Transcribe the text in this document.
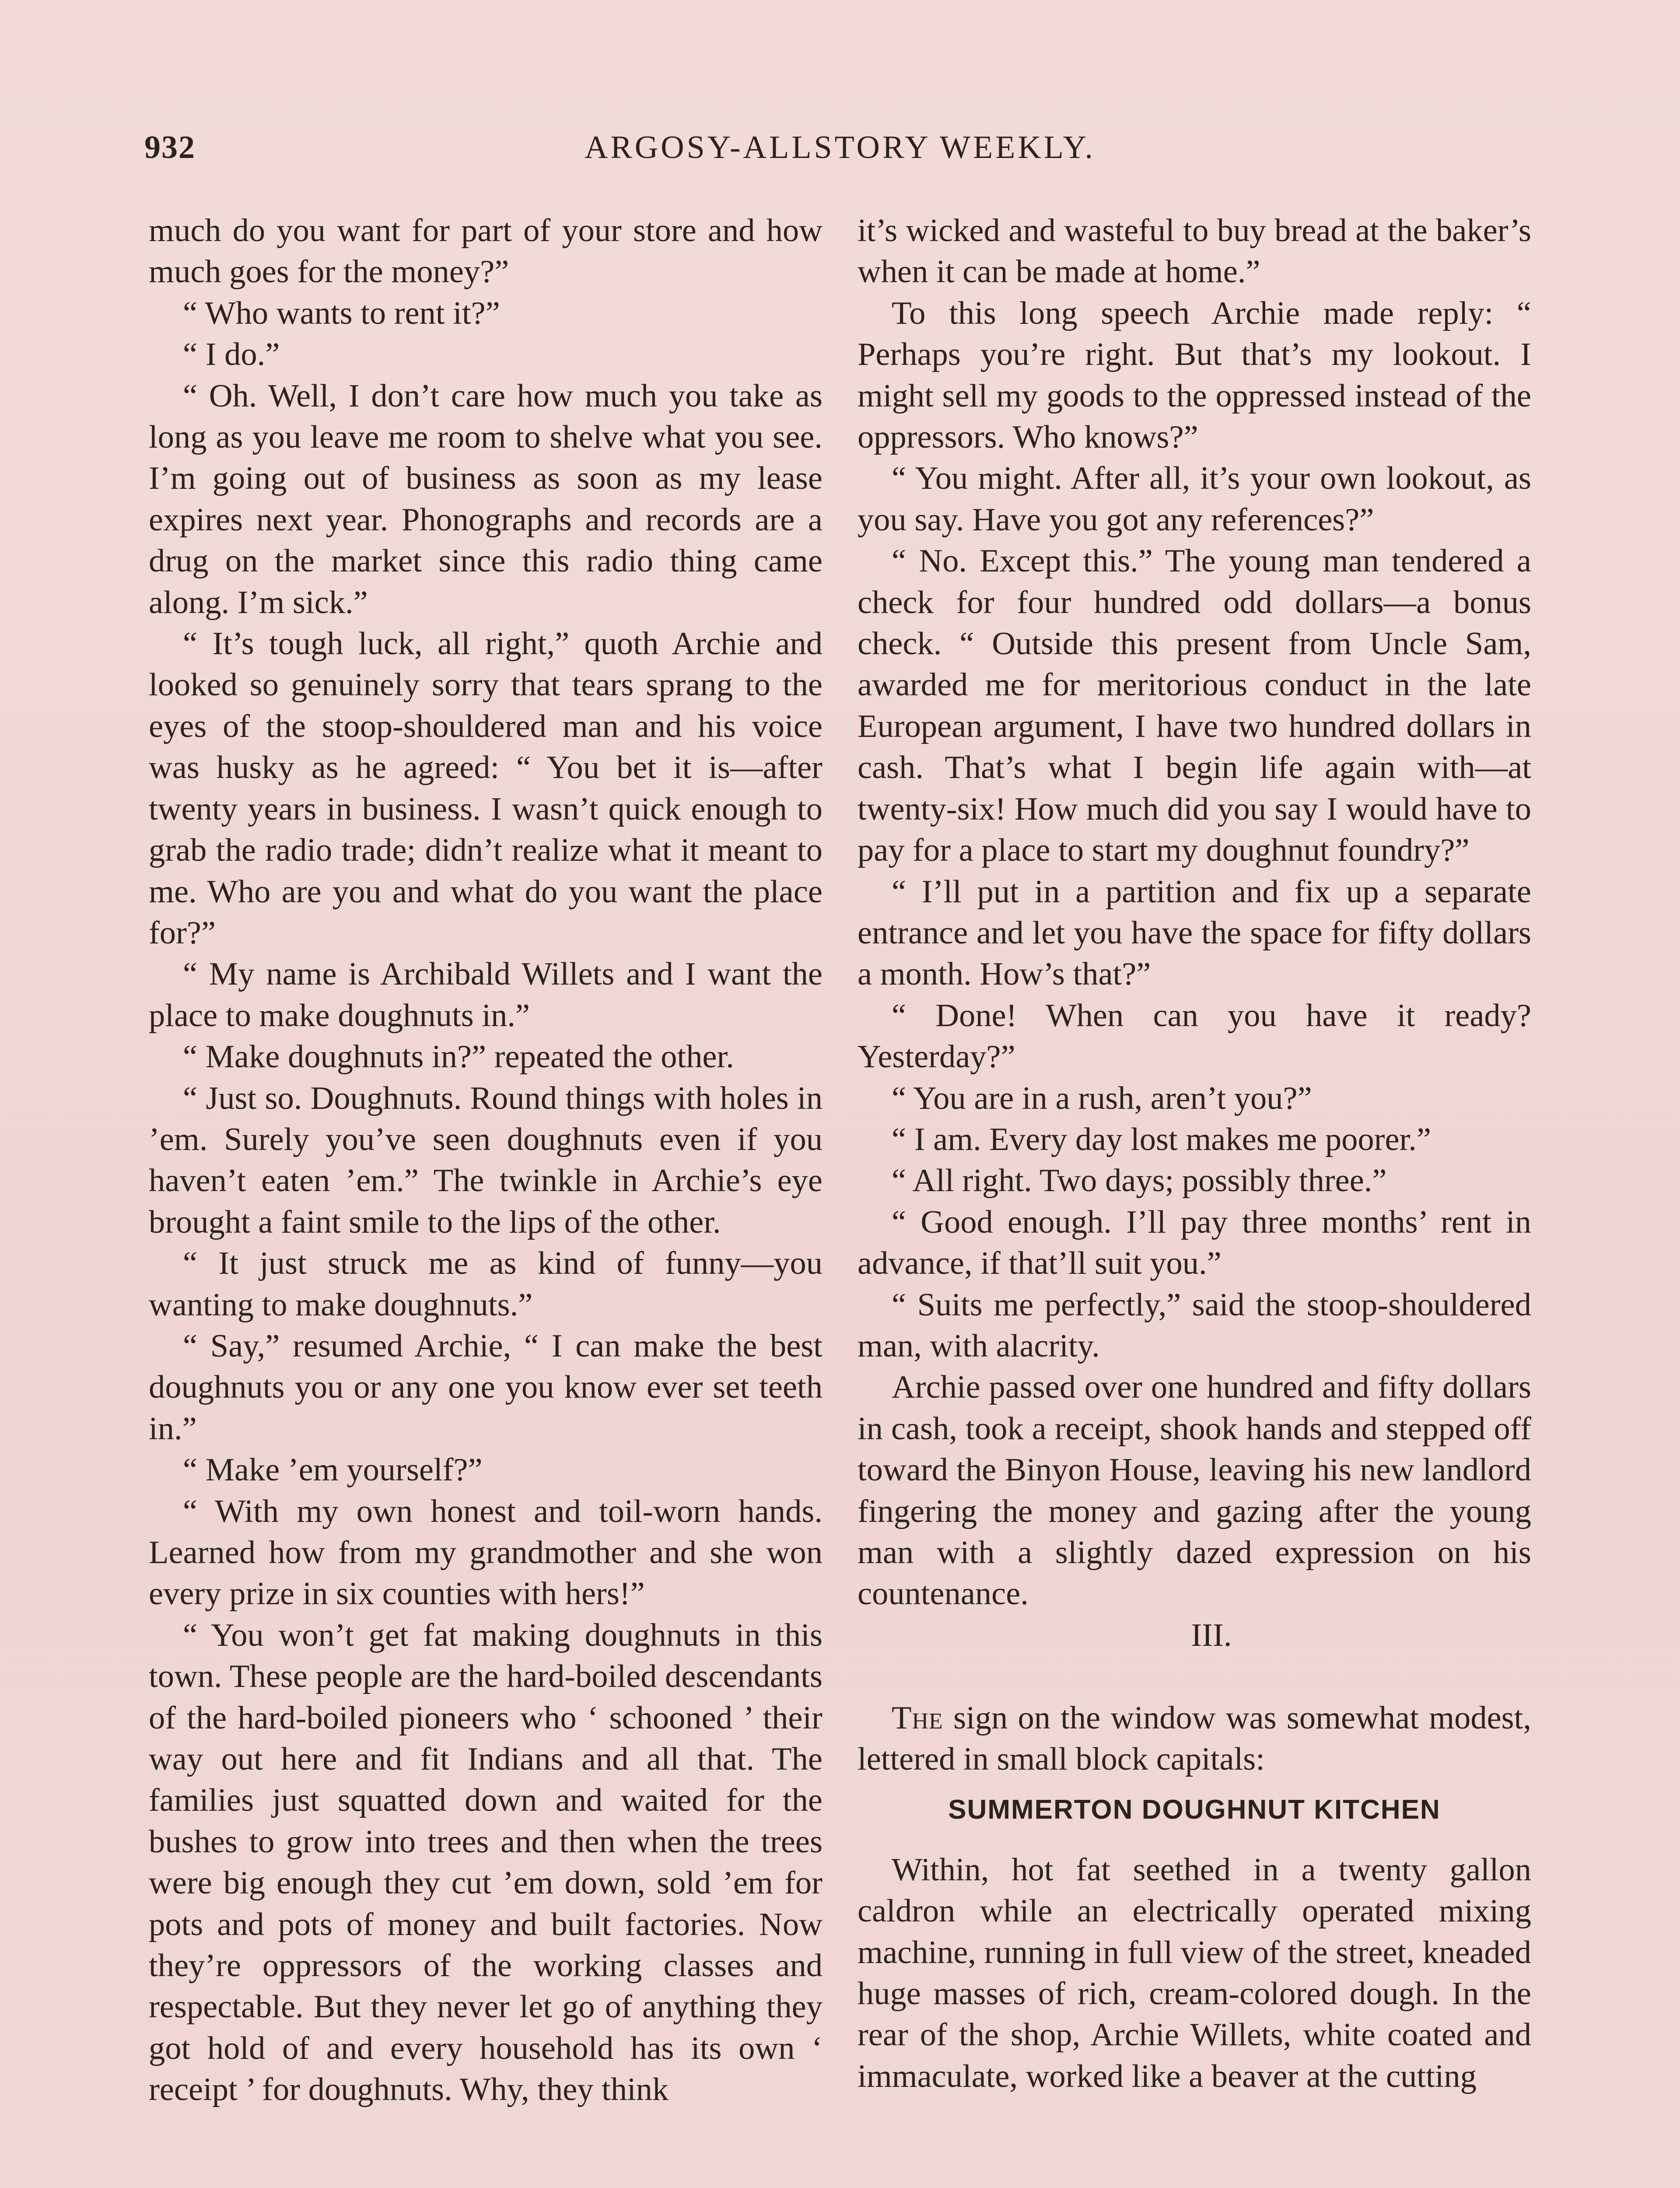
932	ARGOSY-ALLSTORY WEEKLY.

much do you want for part of your store and how much goes for the money?”

“ Who wants to rent it?”

“ I do.”

“ Oh. Well, I don’t care how much you take as long as you leave me room to shelve what you see. I’m going out of business as soon as my lease expires next year. Phonographs and records are a drug on the market since this radio thing came along. I’m sick.”

“ It’s tough luck, all right,” quoth Archie and looked so genuinely sorry that tears sprang to the eyes of the stoop-shouldered man and his voice was husky as he agreed: “ You bet it is—after twenty years in business. I wasn’t quick enough to grab the radio trade; didn’t realize what it meant to me. Who are you and what do you want the place for?”

“ My name is Archibald Willets and I want the place to make doughnuts in.”

“ Make doughnuts in?” repeated the other.

“ Just so. Doughnuts. Round things with holes in ’em. Surely you’ve seen doughnuts even if you haven’t eaten ’em.” The twinkle in Archie’s eye brought a faint smile to the lips of the other.

“ It just struck me as kind of funny—you wanting to make doughnuts.”

“ Say,” resumed Archie, “ I can make the best doughnuts you or any one you know ever set teeth in.”

“ Make ’em yourself?”

“ With my own honest and toil-worn hands. Learned how from my grandmother and she won every prize in six counties with hers!”

“ You won’t get fat making doughnuts in this town. These people are the hard-boiled descendants of the hard-boiled pioneers who ‘ schooned ’ their way out here and fit Indians and all that. The families just squatted down and waited for the bushes to grow into trees and then when the trees were big enough they cut ’em down, sold ’em for pots and pots of money and built factories. Now they’re oppressors of the working classes and respectable. But they never let go of anything they got hold of and every household has its own ‘ receipt ’ for doughnuts. Why, they think

it’s wicked and wasteful to buy bread at the baker’s when it can be made at home.”

To this long speech Archie made reply: “ Perhaps you’re right. But that’s my lookout. I might sell my goods to the oppressed instead of the oppressors. Who knows?”

“ You might. After all, it’s your own lookout, as you say. Have you got any references?”

“ No. Except this.” The young man tendered a check for four hundred odd dollars—a bonus check. “ Outside this present from Uncle Sam, awarded me for meritorious conduct in the late European argument, I have two hundred dollars in cash. That’s what I begin life again with—at twenty-six! How much did you say I would have to pay for a place to start my doughnut foundry?”

“ I’ll put in a partition and fix up a separate entrance and let you have the space for fifty dollars a month. How’s that?”

“ Done! When can you have it ready? Yesterday?”

“ You are in a rush, aren’t you?”

“ I am. Every day lost makes me poorer.”

“ All right. Two days; possibly three.”

“ Good enough. I’ll pay three months’ rent in advance, if that’ll suit you.”

“ Suits me perfectly,” said the stoop-shouldered man, with alacrity.

Archie passed over one hundred and fifty dollars in cash, took a receipt, shook hands and stepped off toward the Binyon House, leaving his new landlord fingering the money and gazing after the young man with a slightly dazed expression on his countenance.

III.

The sign on the window was somewhat modest, lettered in small block capitals:

SUMMERTON DOUGHNUT KITCHEN

Within, hot fat seethed in a twenty gallon caldron while an electrically operated mixing machine, running in full view of the street, kneaded huge masses of rich, cream-colored dough. In the rear of the shop, Archie Willets, white coated and immaculate, worked like a beaver at the cutting
